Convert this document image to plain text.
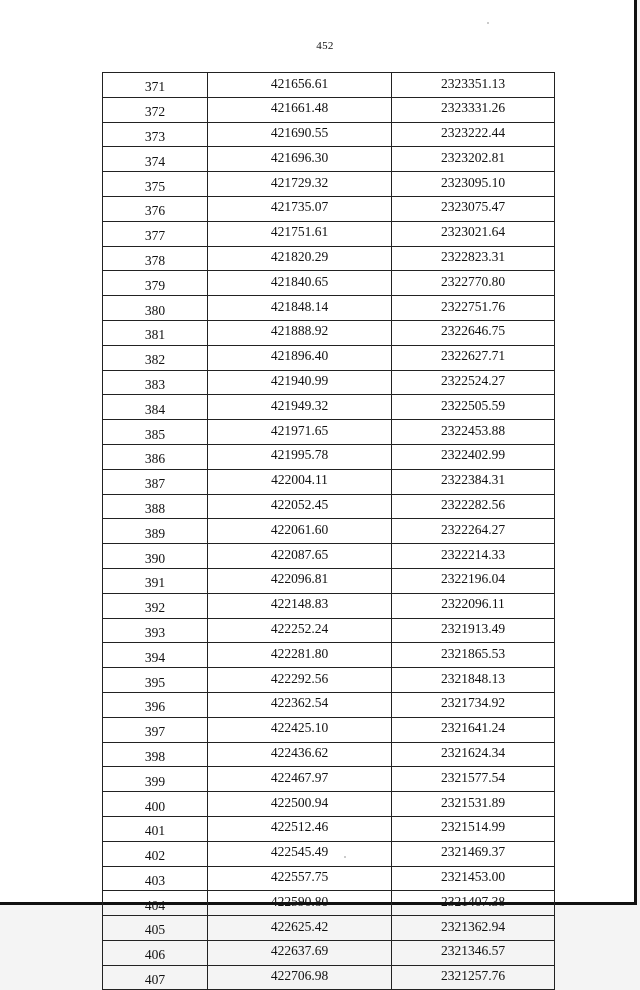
452
371	421656.61	2323351.13
372	421661.48	2323331.26
373	421690.55	2323222.44
374	421696.30	2323202.81
375	421729.32	2323095.10
376	421735.07	2323075.47
377	421751.61	2323021.64
378	421820.29	2322823.31
379	421840.65	2322770.80
380	421848.14	2322751.76
381	421888.92	2322646.75
382	421896.40	2322627.71
383	421940.99	2322524.27
384	421949.32	2322505.59
385	421971.65	2322453.88
386	421995.78	2322402.99
387	422004.11	2322384.31
388	422052.45	2322282.56
389	422061.60	2322264.27
390	422087.65	2322214.33
391	422096.81	2322196.04
392	422148.83	2322096.11
393	422252.24	2321913.49
394	422281.80	2321865.53
395	422292.56	2321848.13
396	422362.54	2321734.92
397	422425.10	2321641.24
398	422436.62	2321624.34
399	422467.97	2321577.54
400	422500.94	2321531.89
401	422512.46	2321514.99
402	422545.49	2321469.37
403	422557.75	2321453.00
404	422590.80	2321407.38
405	422625.42	2321362.94
406	422637.69	2321346.57
407	422706.98	2321257.76
